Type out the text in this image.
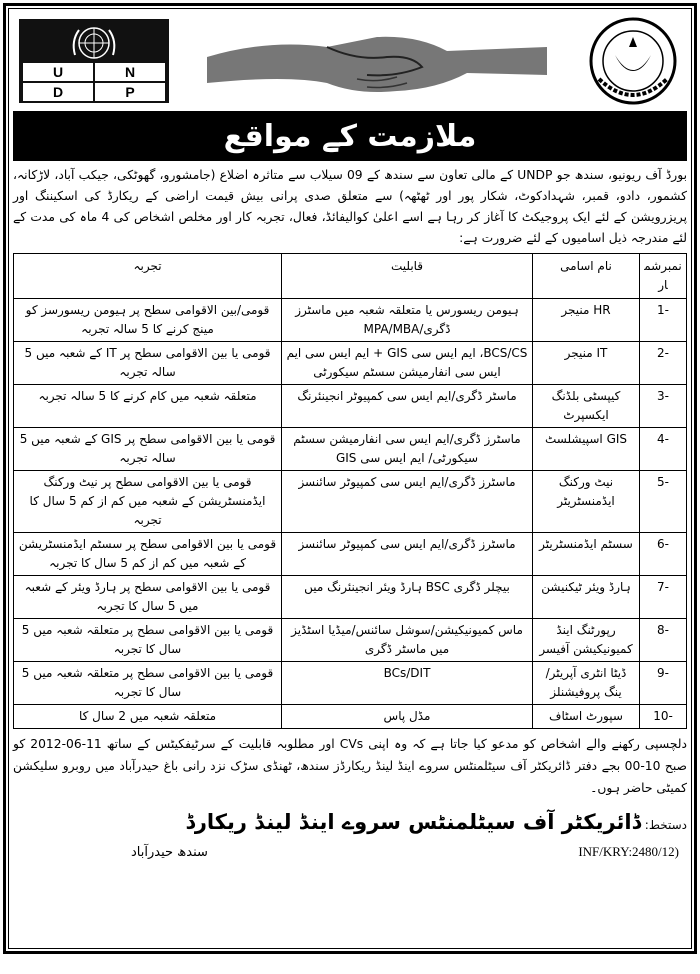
U	N
D	P
ملازمت کے مواقع
بورڈ آف ریونیو، سندھ جو UNDP کے مالی تعاون سے سندھ کے 09 سیلاب سے متاثرہ اضلاع (جامشورو، گھوٹکی، جیکب آباد، لاڑکانہ، کشمور، دادو، قمبر، شہدادکوٹ، شکار پور اور ٹھٹھہ) سے متعلق صدی پرانی بیش قیمت اراضی کے ریکارڈ کی اسکیننگ اور پریزرویشن کے لئے ایک پروجیکٹ کا آغاز کر رہا ہے اسے اعلیٰ کوالیفائڈ، فعال، تجربہ کار اور مخلص اشخاص کی 4 ماہ کی مدت کے لئے مندرجہ ذیل اسامیوں کے لئے ضرورت ہے:
نمبرشمار	نام اسامی	قابلیت	تجربہ
-1	HR منیجر	ہیومن ریسورس یا متعلقہ شعبہ میں ماسٹرز ڈگری/MPA/MBA	قومی/بین الاقوامی سطح پر ہیومن ریسورسز کو مینج کرنے کا 5 سالہ تجربہ
-2	IT منیجر	BCS/CS، ایم ایس سی GIS + ایم ایس سی ایم ایس سی انفارمیشن سسٹم سیکورٹی	قومی یا بین الاقوامی سطح پر IT کے شعبہ میں 5 سالہ تجربہ
-3	کیپسٹی بلڈنگ ایکسپرٹ	ماسٹر ڈگری/ایم ایس سی کمپیوٹر انجینئرنگ	متعلقہ شعبہ میں کام کرنے کا 5 سالہ تجربہ
-4	GIS اسپیشلسٹ	ماسٹرز ڈگری/ایم ایس سی انفارمیشن سسٹم سیکورٹی/ ایم ایس سی GIS	قومی یا بین الاقوامی سطح پر GIS کے شعبہ میں 5 سالہ تجربہ
-5	نیٹ ورکنگ ایڈمنسٹریٹر	ماسٹرز ڈگری/ایم ایس سی کمپیوٹر سائنسز	قومی یا بین الاقوامی سطح پر نیٹ ورکنگ ایڈمنسٹریشن کے شعبہ میں کم از کم 5 سال کا تجربہ
-6	سسٹم ایڈمنسٹریٹر	ماسٹرز ڈگری/ایم ایس سی کمپیوٹر سائنسز	قومی یا بین الاقوامی سطح پر سسٹم ایڈمنسٹریشن کے شعبہ میں کم از کم 5 سال کا تجربہ
-7	ہارڈ ویئر ٹیکنیشن	بیچلر ڈگری BSC ہارڈ ویئر انجینئرنگ میں	قومی یا بین الاقوامی سطح پر ہارڈ ویئر کے شعبہ میں 5 سال کا تجربہ
-8	رپورٹنگ اینڈ کمیونیکیشن آفیسر	ماس کمیونیکیشن/سوشل سائنس/میڈیا اسٹڈیز میں ماسٹر ڈگری	قومی یا بین الاقوامی سطح پر متعلقہ شعبہ میں 5 سال کا تجربہ
-9	ڈیٹا انٹری آپریٹر/ ینگ پروفیشنلز	BCs/DIT	قومی یا بین الاقوامی سطح پر متعلقہ شعبہ میں 5 سال کا تجربہ
-10	سپورٹ اسٹاف	مڈل پاس	متعلقہ شعبہ میں 2 سال کا
دلچسپی رکھنے والے اشخاص کو مدعو کیا جاتا ہے کہ وہ اپنی CVs اور مطلوبہ قابلیت کے سرٹیفکیٹس کے ساتھ 11-06-2012 کو صبح 10-00 بجے دفتر ڈائریکٹر آف سیٹلمنٹس سروے اینڈ لینڈ ریکارڈز سندھ، ٹھنڈی سڑک نزد رانی باغ حیدرآباد میں روبرو سلیکشن کمیٹی حاضر ہوں۔
دستخط: ڈائریکٹر آف سیٹلمنٹس سروے اینڈ لینڈ ریکارڈ
سندھ حیدرآباد	INF/KRY:2480/12)
